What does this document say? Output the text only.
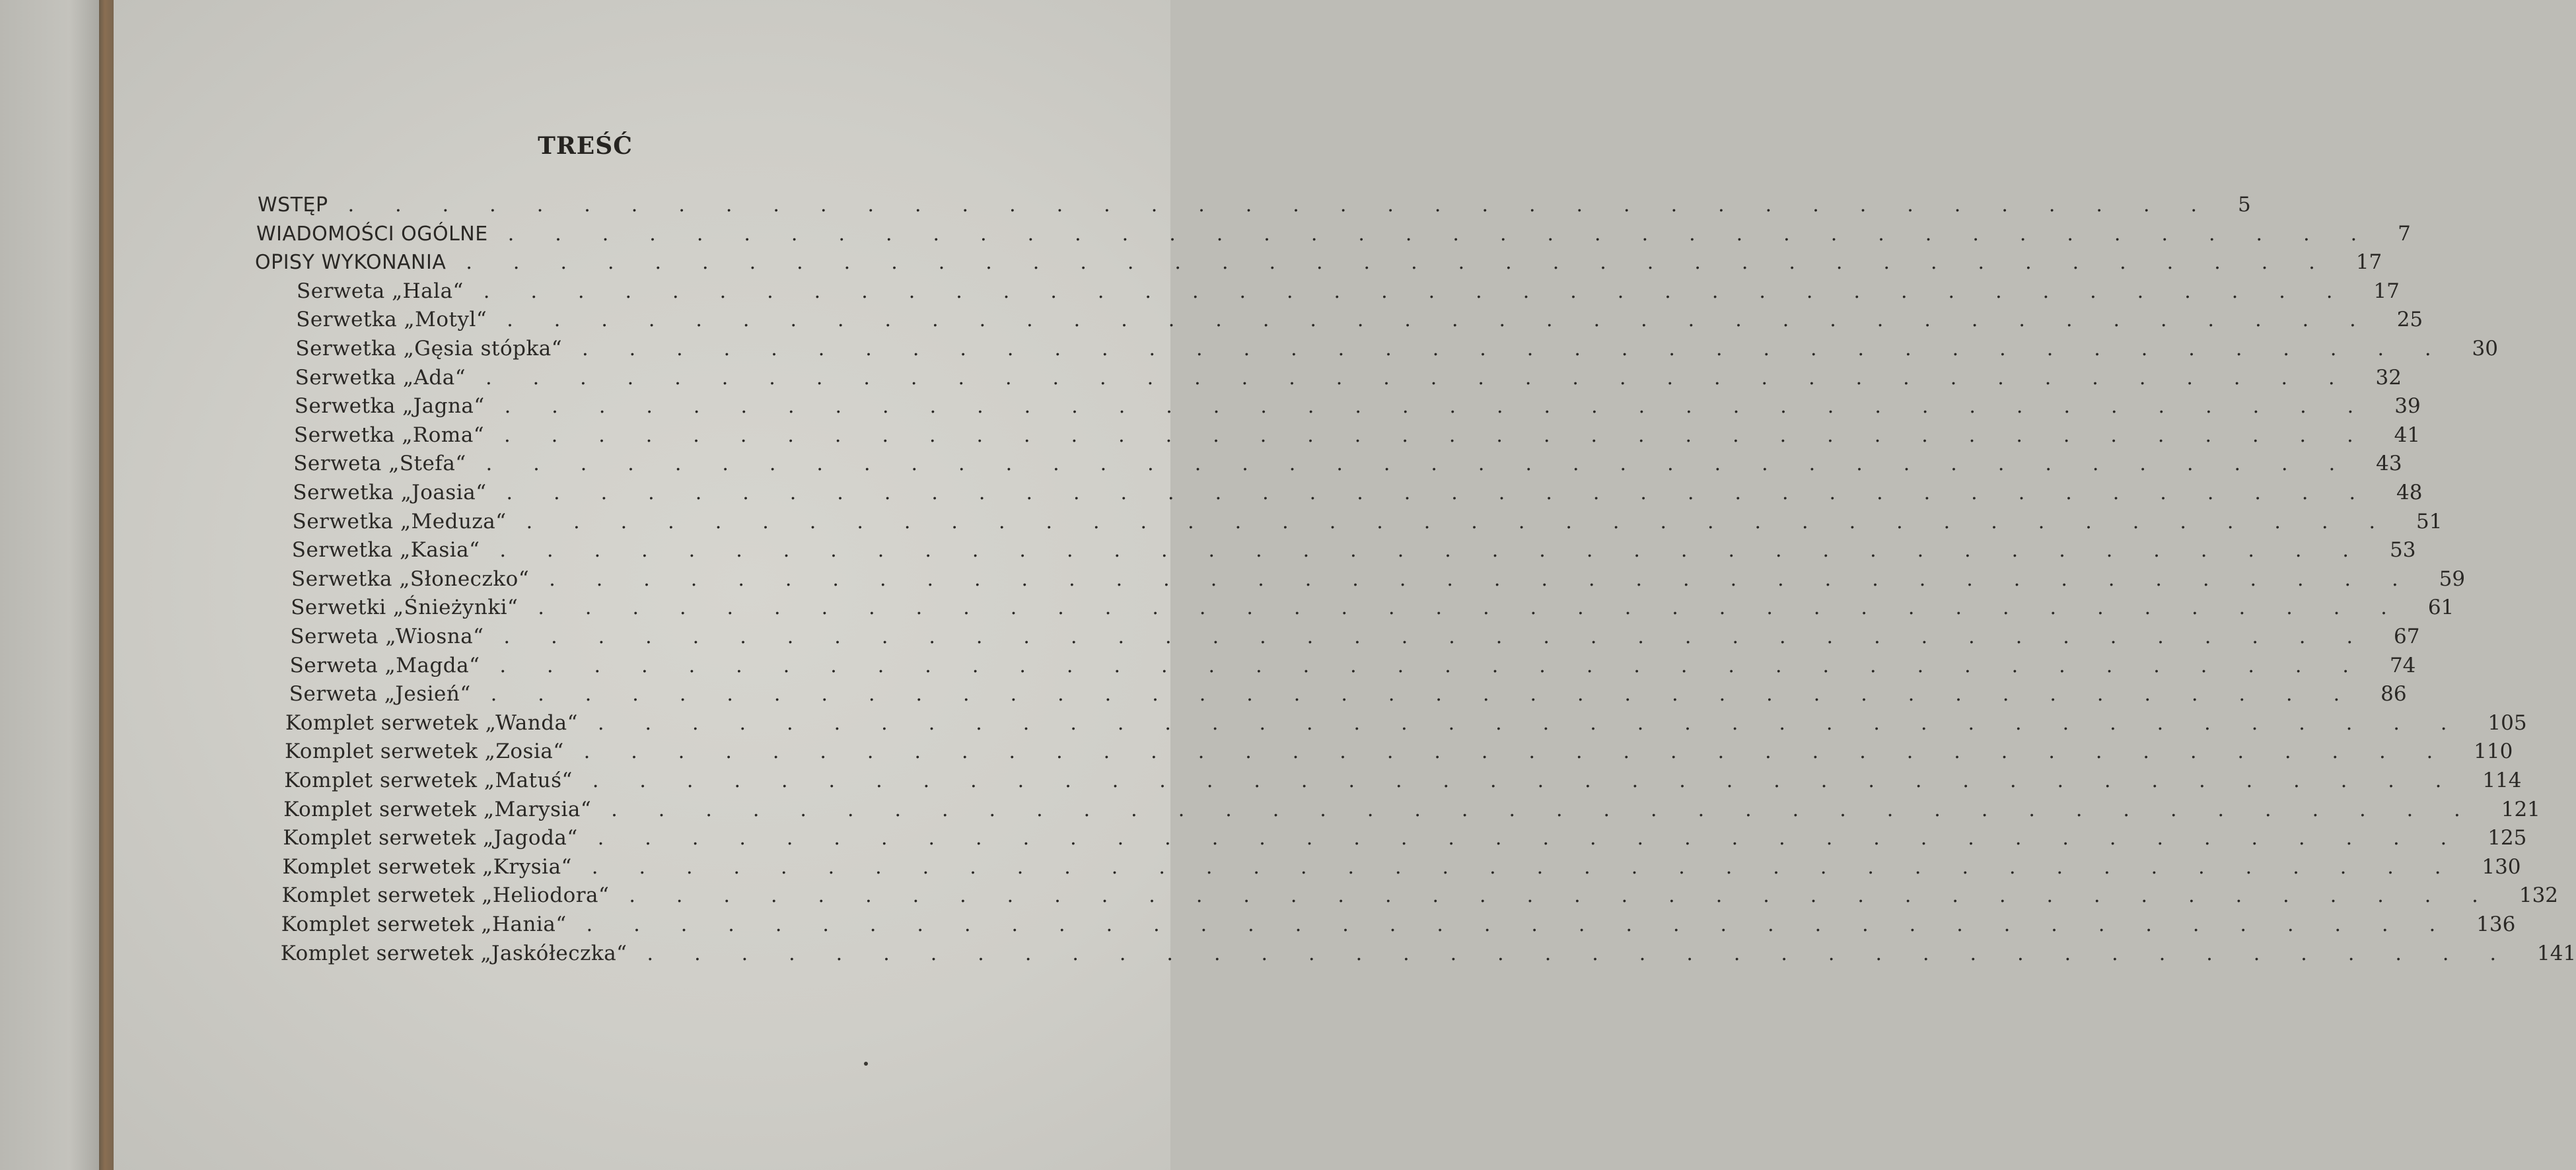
TREŚĆ
WSTĘP	........................................ 5
WIADOMOŚCI OGÓLNE	........................................ 7
OPISY WYKONANIA	........................................ 17
Serweta „Hala“	........................................ 17
Serwetka „Motyl“	........................................ 25
Serwetka „Gęsia stópka“	........................................ 30
Serwetka „Ada“	........................................ 32
Serwetka „Jagna“	........................................ 39
Serwetka „Roma“	........................................ 41
Serweta „Stefa“	........................................ 43
Serwetka „Joasia“	........................................ 48
Serwetka „Meduza“	........................................ 51
Serwetka „Kasia“	........................................ 53
Serwetka „Słoneczko“	........................................ 59
Serwetki „Śnieżynki“	........................................ 61
Serweta „Wiosna“	........................................ 67
Serweta „Magda“	........................................ 74
Serweta „Jesień“	........................................ 86
Komplet serwetek „Wanda“	........................................ 105
Komplet serwetek „Zosia“	........................................ 110
Komplet serwetek „Matuś“	........................................ 114
Komplet serwetek „Marysia“	........................................ 121
Komplet serwetek „Jagoda“	........................................ 125
Komplet serwetek „Krysia“	........................................ 130
Komplet serwetek „Heliodora“	........................................ 132
Komplet serwetek „Hania“	........................................ 136
Komplet serwetek „Jaskółeczka“	........................................ 141
